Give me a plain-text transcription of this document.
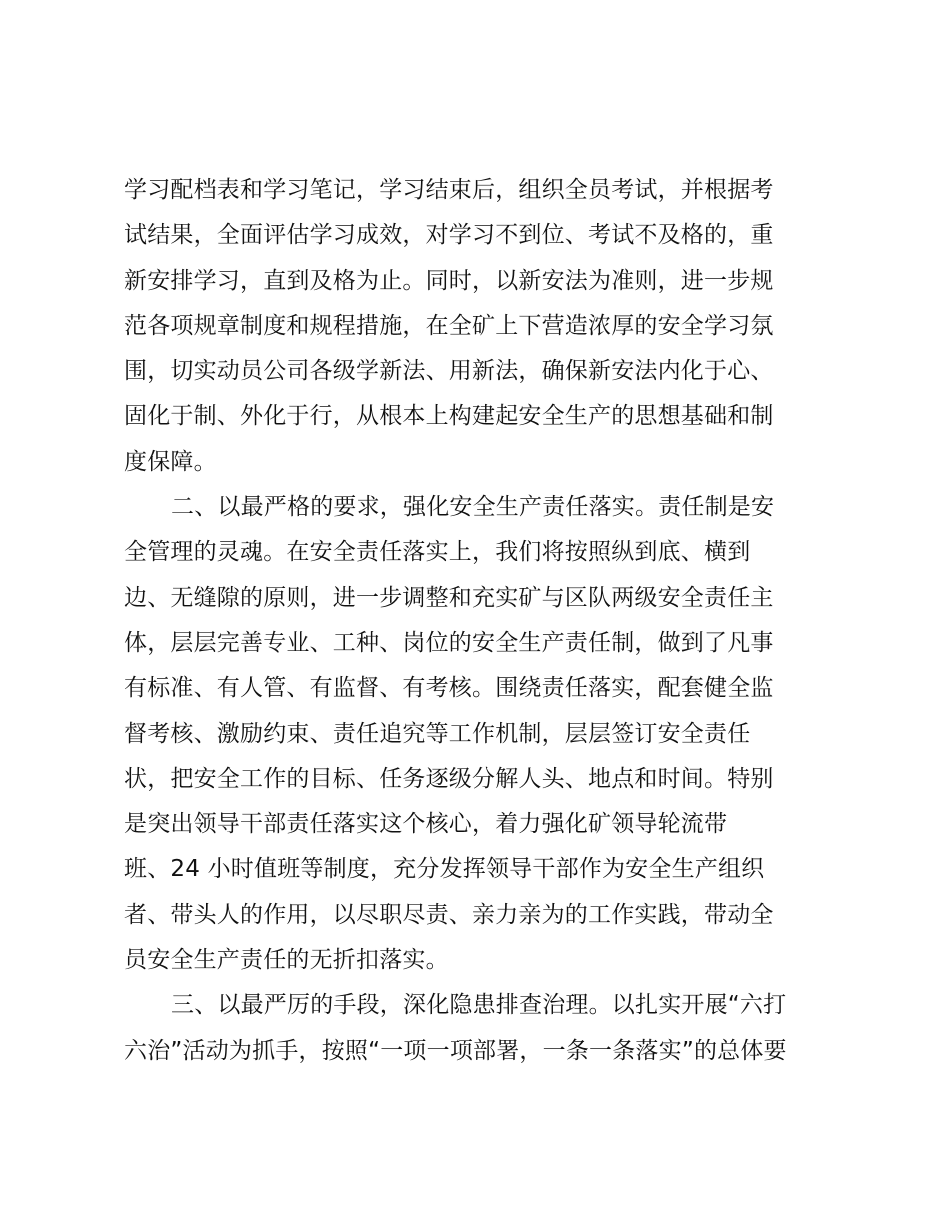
学习配档表和学习笔记，学习结束后，组织全员考试，并根据考
试结果，全面评估学习成效，对学习不到位、考试不及格的，重
新安排学习，直到及格为止。同时，以新安法为准则，进一步规
范各项规章制度和规程措施，在全矿上下营造浓厚的安全学习氛
围，切实动员公司各级学新法、用新法，确保新安法内化于心、
固化于制、外化于行，从根本上构建起安全生产的思想基础和制
度保障。
二、以最严格的要求，强化安全生产责任落实。责任制是安
全管理的灵魂。在安全责任落实上，我们将按照纵到底、横到
边、无缝隙的原则，进一步调整和充实矿与区队两级安全责任主
体，层层完善专业、工种、岗位的安全生产责任制，做到了凡事
有标准、有人管、有监督、有考核。围绕责任落实，配套健全监
督考核、激励约束、责任追究等工作机制，层层签订安全责任
状，把安全工作的目标、任务逐级分解人头、地点和时间。特别
是突出领导干部责任落实这个核心，着力强化矿领导轮流带
班、24 小时值班等制度，充分发挥领导干部作为安全生产组织
者、带头人的作用，以尽职尽责、亲力亲为的工作实践，带动全
员安全生产责任的无折扣落实。
三、以最严厉的手段，深化隐患排查治理。以扎实开展“六打
六治”活动为抓手，按照“一项一项部署，一条一条落实”的总体要
